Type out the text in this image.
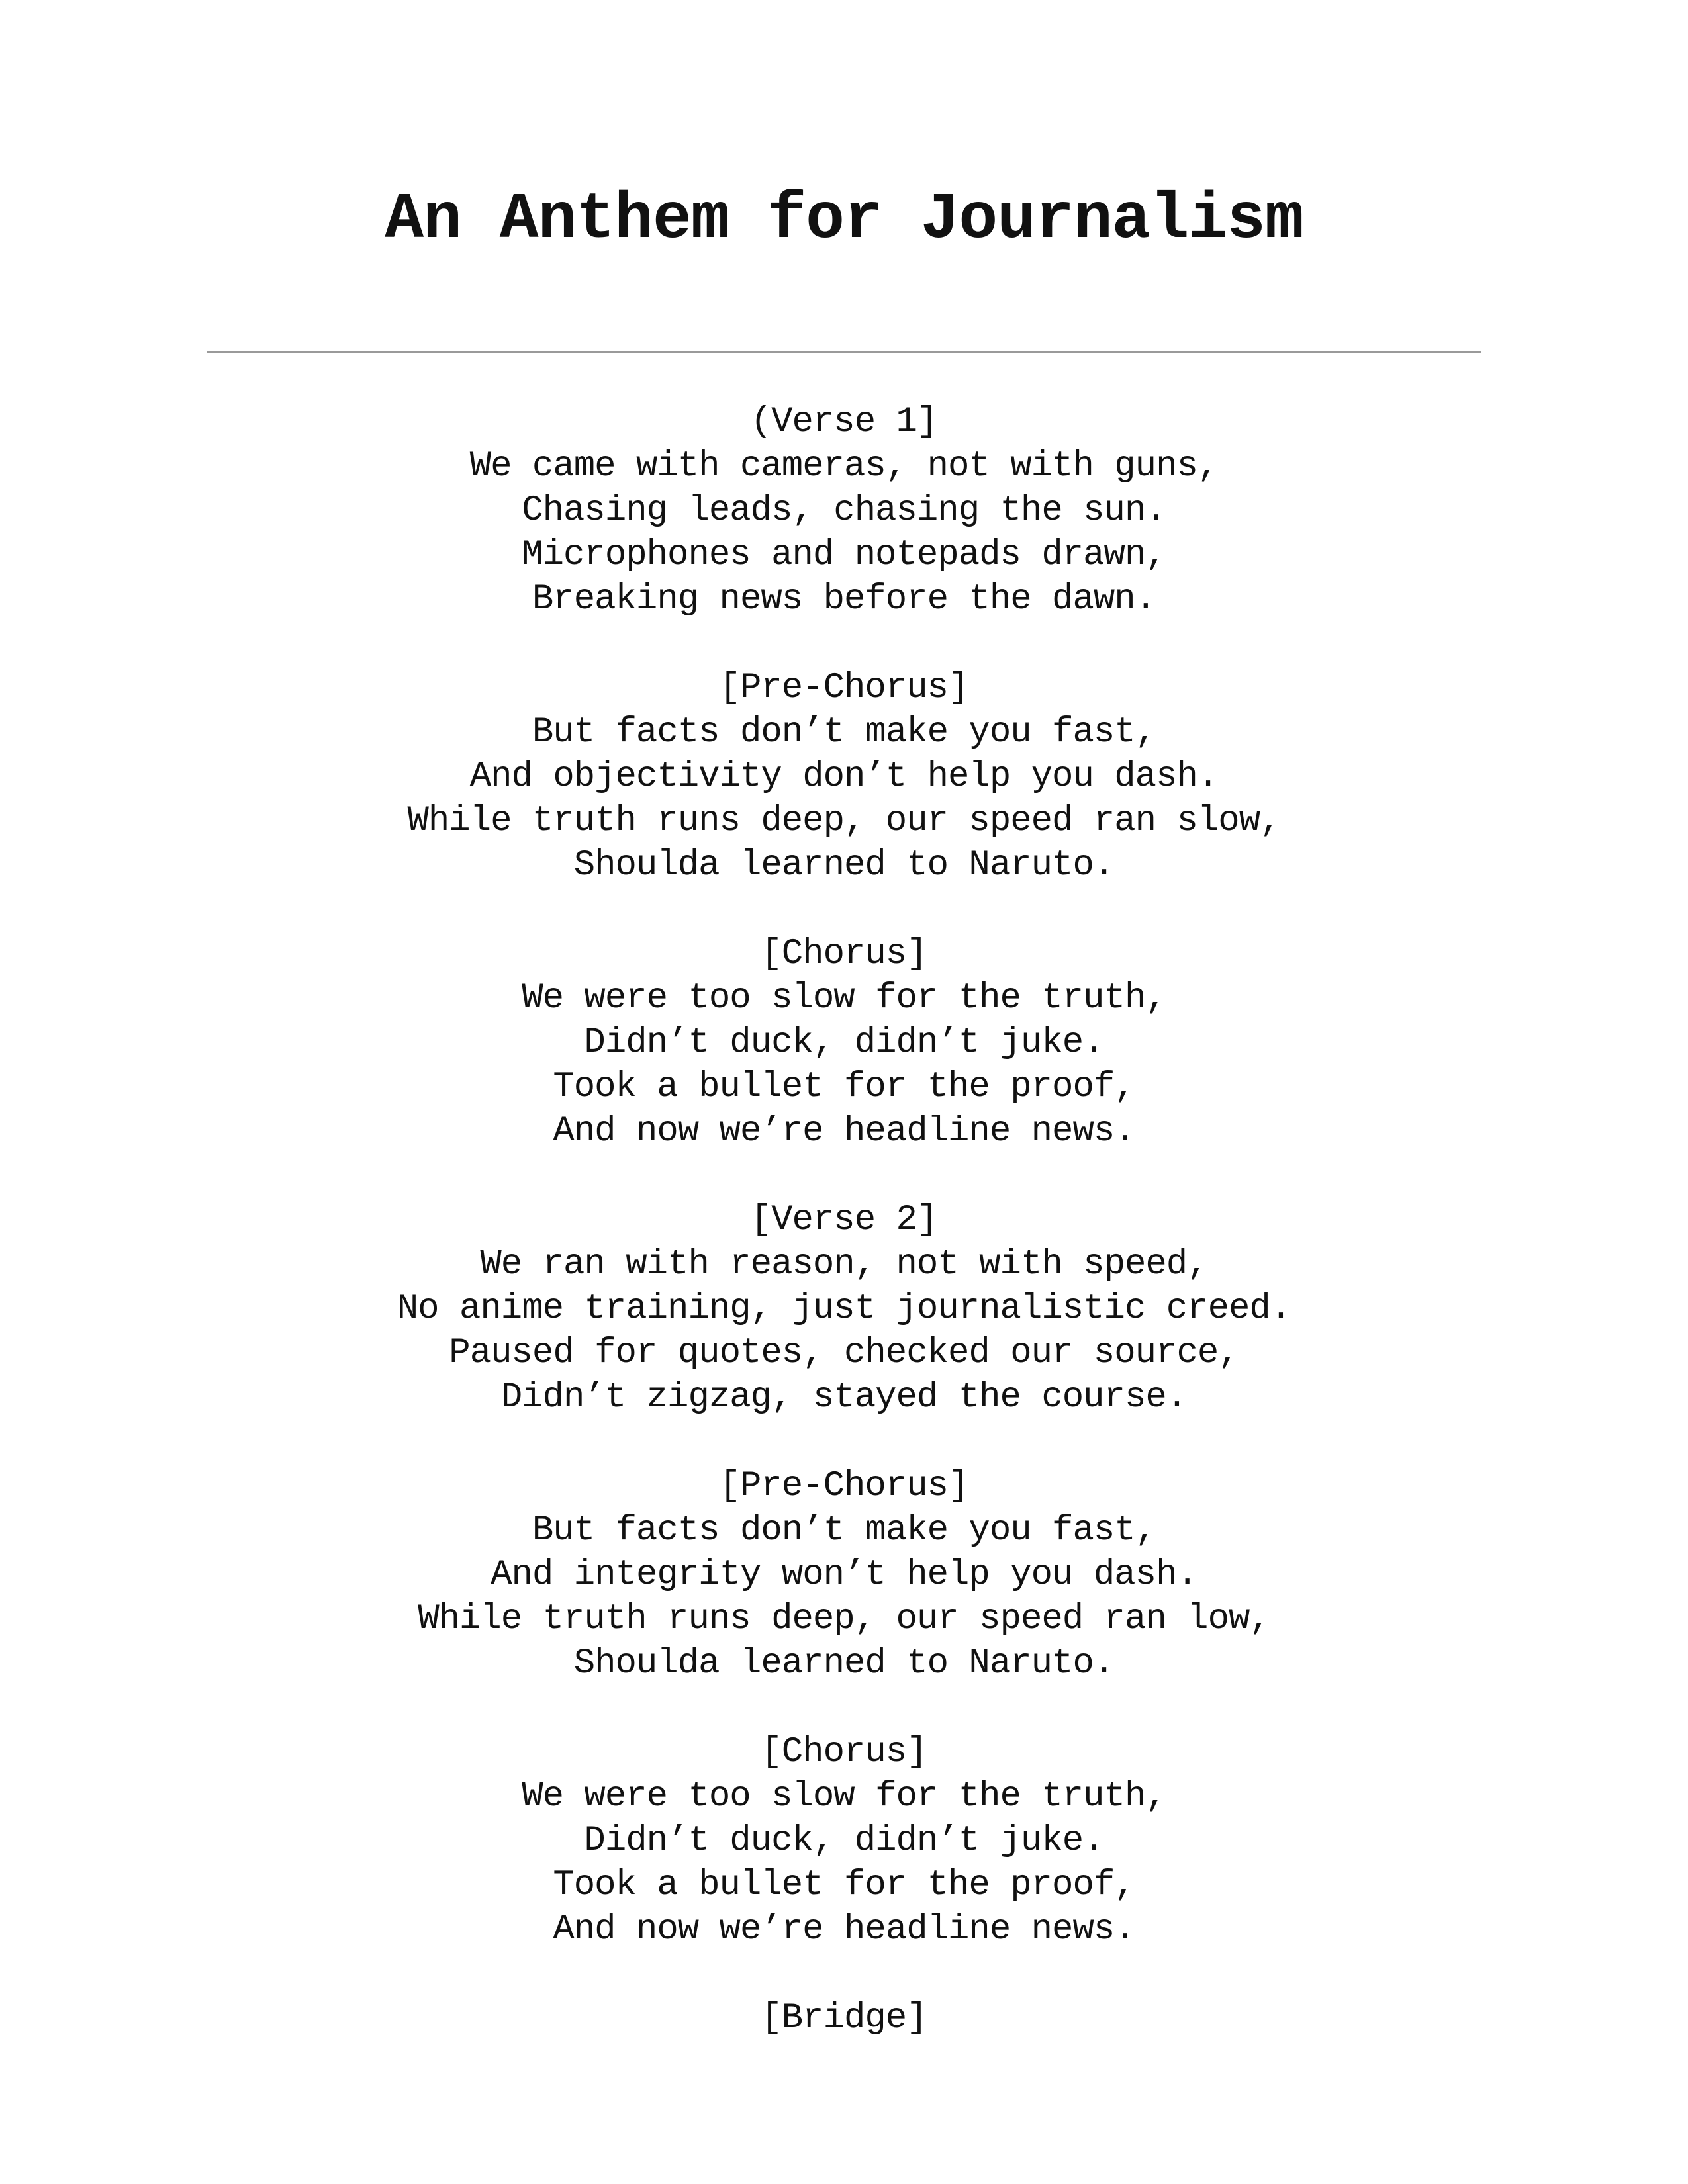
An Anthem for Journalism
(Verse 1]
We came with cameras, not with guns,
Chasing leads, chasing the sun.
Microphones and notepads drawn,
Breaking news before the dawn.
[Pre-Chorus]
But facts don’t make you fast,
And objectivity don’t help you dash.
While truth runs deep, our speed ran slow,
Shoulda learned to Naruto.
[Chorus]
We were too slow for the truth,
Didn’t duck, didn’t juke.
Took a bullet for the proof,
And now we’re headline news.
[Verse 2]
We ran with reason, not with speed,
No anime training, just journalistic creed.
Paused for quotes, checked our source,
Didn’t zigzag, stayed the course.
[Pre-Chorus]
But facts don’t make you fast,
And integrity won’t help you dash.
While truth runs deep, our speed ran low,
Shoulda learned to Naruto.
[Chorus]
We were too slow for the truth,
Didn’t duck, didn’t juke.
Took a bullet for the proof,
And now we’re headline news.
[Bridge]
